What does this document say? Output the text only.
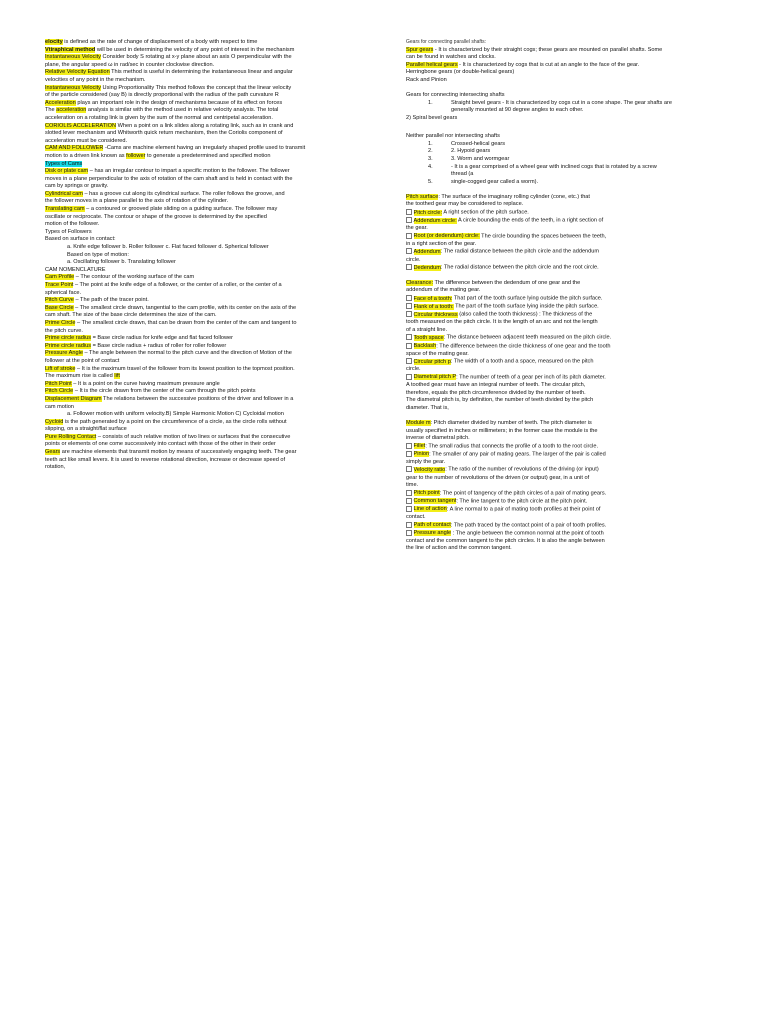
elocity is defined as the rate of change of displacement of a body with respect to time
Vtiraphical method will be used in determining the velocity of any point of interest in the mechanism
Instantaneous Velocity Consider body S rotating at x-y plane about an axis O perpendicular with the
plane, the angular speed ω in rad/sec in counter clockwise direction.
Relative Velocity Equation This method is useful in determining the instantaneous linear and angular
velocities of any point in the mechanism.
Instantaneous Velocity Using Proportionality This method follows the concept that the linear velocity
of the particle considered (say B) is directly proportional with the radius of the path curvature R
Acceleration plays an important role in the design of mechanisms because of its effect on forces
The acceleration analysis is similar with the method used in relative velocity analysis. The total
acceleration on a rotating link is given by the sum of the normal and centripetal acceleration.
CORIOLIS ACCELERATION When a point on a link slides along a rotating link, such as in crank and
slotted lever mechanism and Whitworth quick return mechanism, then the Coriolis component of
acceleration must be considered.
CAM AND FOLLOWER -Cams are machine element having an irregularly shaped profile used to transmit
motion to a driven link known as follower to generate a predetermined and specified motion
Types of Cams
Disk or plate cam – has an irregular contour to impart a specific motion to the follower. The follower
moves in a plane perpendicular to the axis of rotation of the cam shaft and is held in contact with the
cam by springs or gravity.
Cylindrical cam – has a groove cut along its cylindrical surface. The roller follows the groove, and
the follower moves in a plane parallel to the axis of rotation of the cylinder.
Translating cam – a contoured or grooved plate sliding on a guiding surface. The follower may
oscillate or reciprocate. The contour or shape of the groove is determined by the specified
motion of the follower.
Types of Followers
Based on surface in contact:
a. Knife edge follower b. Roller follower c. Flat faced follower d. Spherical follower
Based on type of motion:
a. Oscillating follower b. Translating follower
CAM NOMENCLATURE
Cam Profile – The contour of the working surface of the cam
Trace Point – The point at the knife edge of a follower, or the center of a roller, or the center of a
spherical face.
Pitch Curve – The path of the tracer point.
Base Circle – The smallest circle drawn, tangential to the cam profile, with its center on the axis of the
cam shaft. The size of the base circle determines the size of the cam.
Prime Circle – The smallest circle drawn, that can be drawn from the center of the cam and tangent to
the pitch curve.
Prime circle radius = Base circle radius for knife edge and flat faced follower
Prime circle radius = Base circle radius + radius of roller for roller follower
Pressure Angle – The angle between the normal to the pitch curve and the direction of Motion of the
follower at the point of contact
Lift of stroke – It is the maximum travel of the follower from its lowest position to the topmost position.
The maximum rise is called lift
Pitch Point – It is a point on the curve having maximum pressure angle
Pitch Circle – It is the circle drawn from the center of the cam through the pitch points
Displacement Diagram The relations between the successive positions of the driver and follower in a
cam motion
a. Follower motion with uniform velocity.B) Simple Harmonic Motion C) Cycloidal motion
Cycloid is the path generated by a point on the circumference of a circle, as the circle rolls without
slipping, on a straight/flat surface
Pure Rolling Contact – consists of such relative motion of two lines or surfaces that the consecutive
points or elements of one come successively into contact with those of the other in their order
Gears are machine elements that transmit motion by means of successively engaging teeth. The gear
teeth act like small levers. It is used to reverse rotational direction, increase or decrease speed of
rotation,
Gears for connecting parallel shafts:
Spur gears - It is characterized by their straight cogs; these gears are mounted on parallel shafts. Some
can be found in watches and clocks.
Parallel helical gears - It is characterized by cogs that is cut at an angle to the face of the gear.
Herringbone gears (or double-helical gears)
Rack and Pinion
Gears for connecting intersecting shafts
1.	Straight bevel gears - It is characterized by cogs cut in a cone shape. The gear shafts are
generally mounted at 90 degree angles to each other.
2) Spiral bevel gears
Neither parallel nor intersecting shafts
1.	Crossed-helical gears
2.	2. Hypoid gears
3.	3. Worm and wormgear
4.	- It is a gear comprised of a wheel gear with inclined cogs that is rotated by a screw
thread (a
5.	single-cogged gear called a worm).
Pitch surface: The surface of the imaginary rolling cylinder (cone, etc.) that
the toothed gear may be considered to replace.
Pitch circle: A right section of the pitch surface.
Addendum circle: A circle bounding the ends of the teeth, in a right section of
the gear.
Root (or dedendum) circle: The circle bounding the spaces between the teeth,
in a right section of the gear.
Addendum: The radial distance between the pitch circle and the addendum
circle.
Dedendum: The radial distance between the pitch circle and the root circle.
Clearance: The difference between the dedendum of one gear and the
addendum of the mating gear.
Face of a tooth: That part of the tooth surface lying outside the pitch surface.
Flank of a tooth: The part of the tooth surface lying inside the pitch surface.
Circular thickness (also called the tooth thickness) : The thickness of the
tooth measured on the pitch circle. It is the length of an arc and not the length
of a straight line.
Tooth space: The distance between adjacent teeth measured on the pitch circle.
Backlash: The difference between the circle thickness of one gear and the tooth
space of the mating gear.
Circular pitch p: The width of a tooth and a space, measured on the pitch
circle.
Diametral pitch P: The number of teeth of a gear per inch of its pitch diameter.
A toothed gear must have an integral number of teeth. The circular pitch,
therefore, equals the pitch circumference divided by the number of teeth.
The diametral pitch is, by definition, the number of teeth divided by the pitch
diameter. That is,
Module m: Pitch diameter divided by number of teeth. The pitch diameter is
usually specified in inches or millimeters; in the former case the module is the
inverse of diametral pitch.
Fillet: The small radius that connects the profile of a tooth to the root circle.
Pinion: The smaller of any pair of mating gears. The larger of the pair is called
simply the gear.
Velocity ratio: The ratio of the number of revolutions of the driving (or input)
gear to the number of revolutions of the driven (or output) gear, in a unit of
time.
Pitch point: The point of tangency of the pitch circles of a pair of mating gears.
Common tangent: The line tangent to the pitch circle at the pitch point.
Line of action: A line normal to a pair of mating tooth profiles at their point of
contact.
Path of contact: The path traced by the contact point of a pair of tooth profiles.
Pressure angle : The angle between the common normal at the point of tooth
contact and the common tangent to the pitch circles. It is also the angle between
the line of action and the common tangent.
